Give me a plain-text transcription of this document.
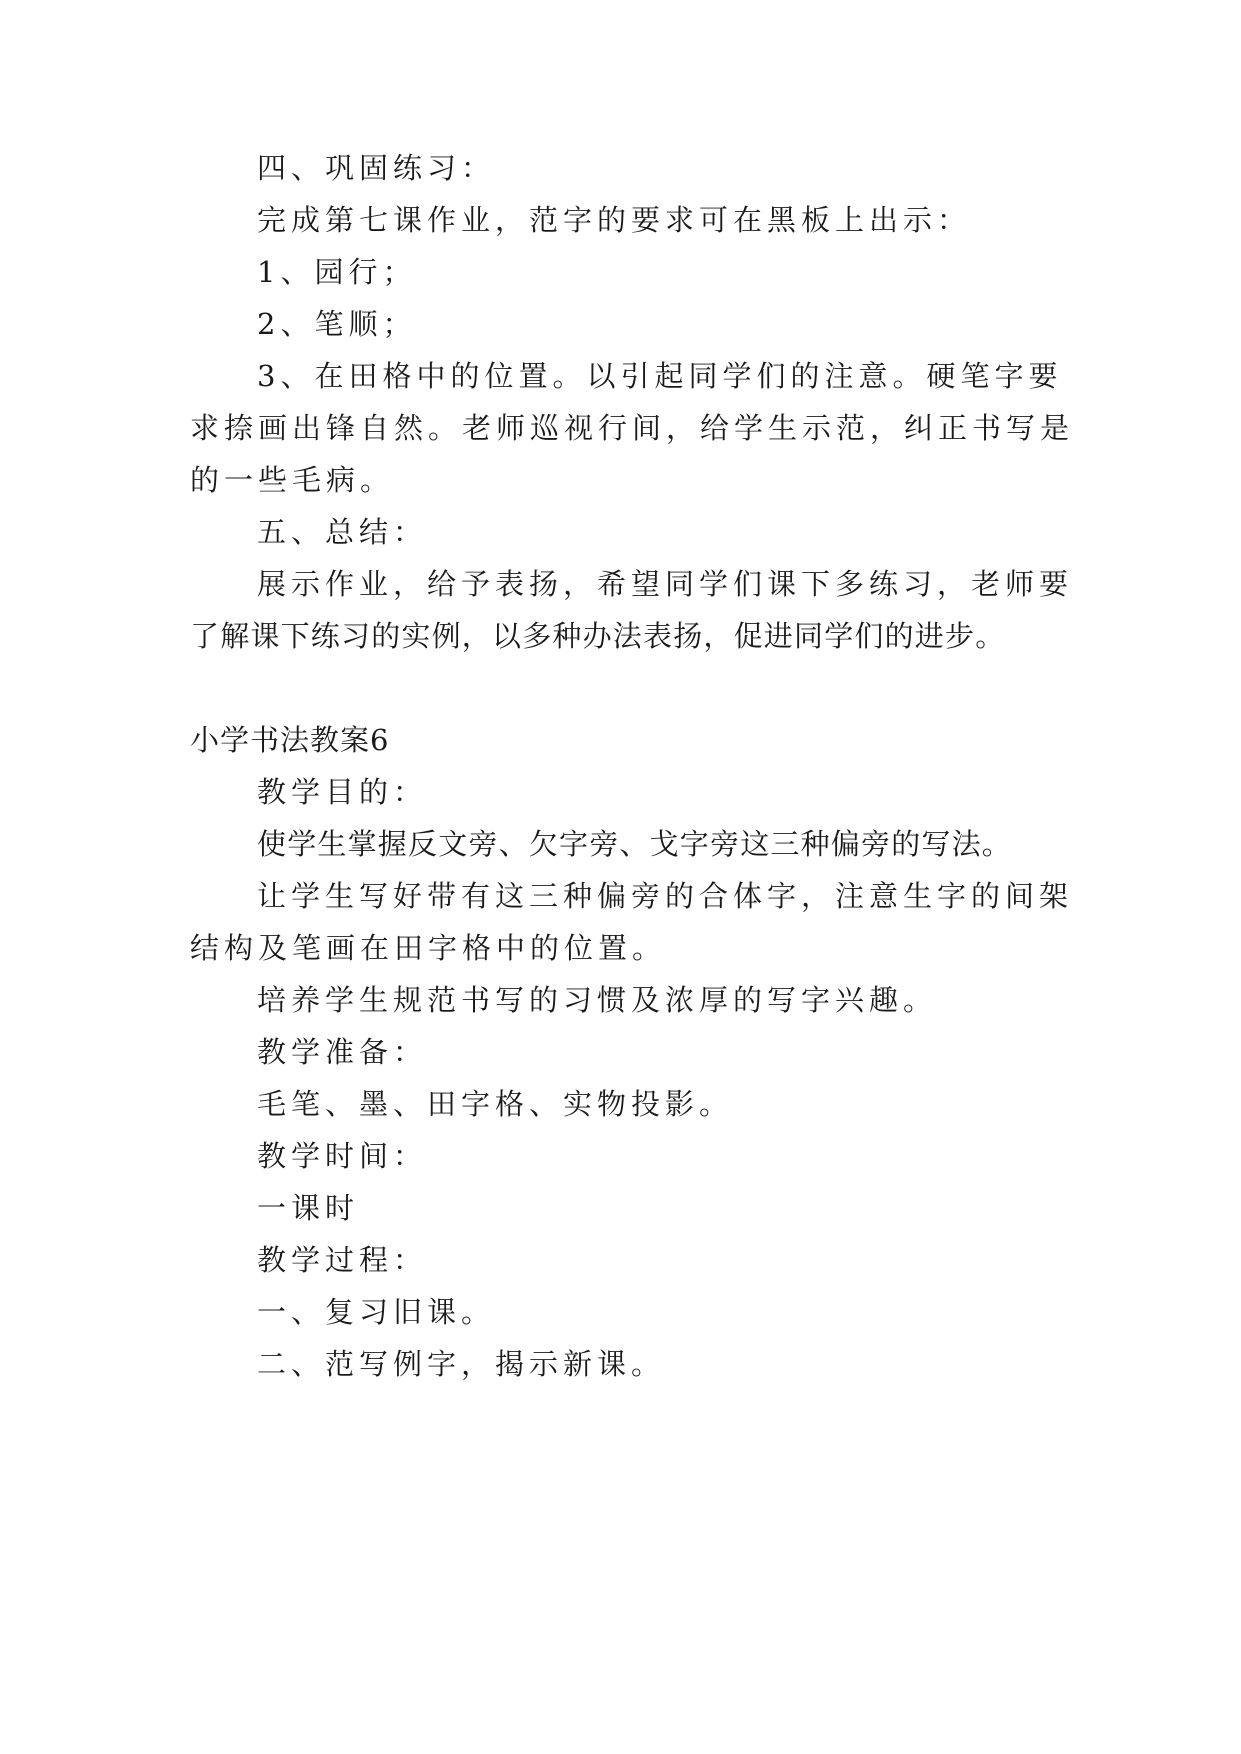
四、巩固练习：
完成第七课作业，范字的要求可在黑板上出示：
1、园行；
2、笔顺；
3、在田格中的位置。以引起同学们的注意。硬笔字要
求捺画出锋自然。老师巡视行间，给学生示范，纠正书写是
的一些毛病。
五、总结：
展示作业，给予表扬，希望同学们课下多练习，老师要
了解课下练习的实例，以多种办法表扬，促进同学们的进步。
小学书法教案6
教学目的：
使学生掌握反文旁、欠字旁、戈字旁这三种偏旁的写法。
让学生写好带有这三种偏旁的合体字，注意生字的间架
结构及笔画在田字格中的位置。
培养学生规范书写的习惯及浓厚的写字兴趣。
教学准备：
毛笔、墨、田字格、实物投影。
教学时间：
一课时
教学过程：
一、复习旧课。
二、范写例字，揭示新课。
